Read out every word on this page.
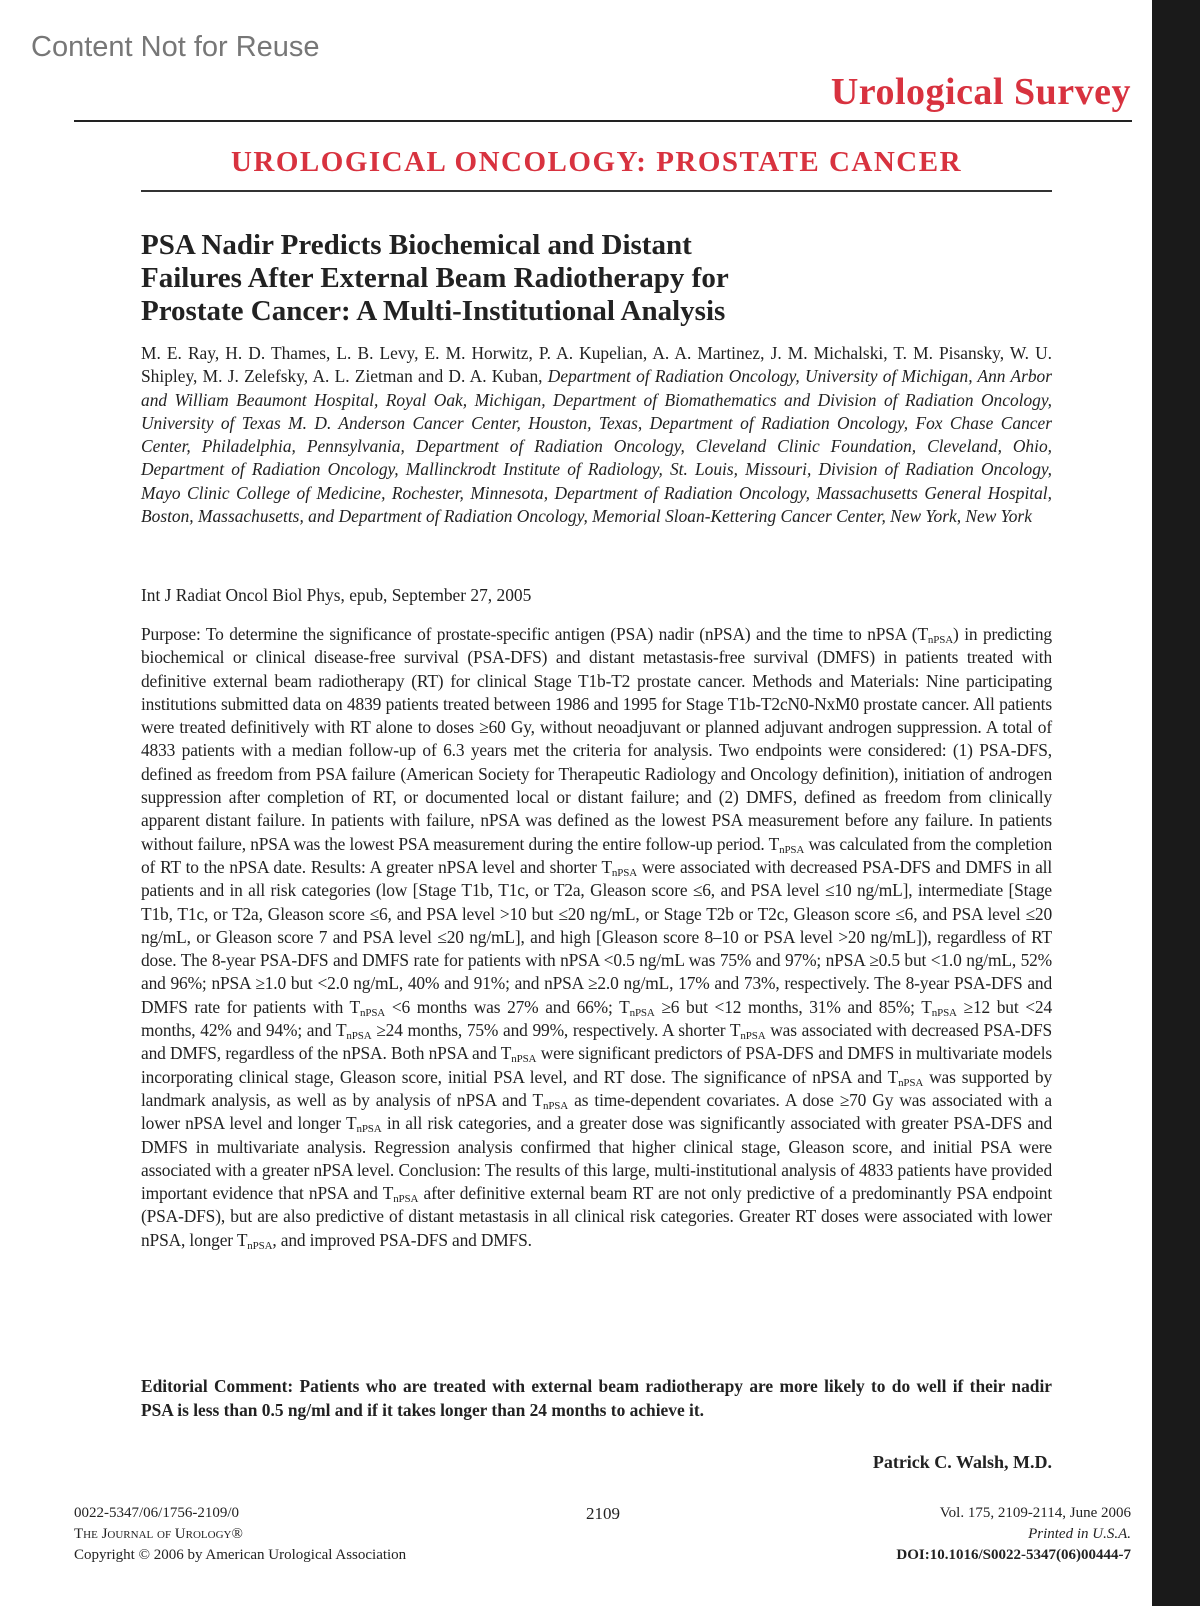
Content Not for Reuse
Urological Survey
UROLOGICAL ONCOLOGY: PROSTATE CANCER
PSA Nadir Predicts Biochemical and Distant
Failures After External Beam Radiotherapy for
Prostate Cancer: A Multi-Institutional Analysis
M. E. Ray, H. D. Thames, L. B. Levy, E. M. Horwitz, P. A. Kupelian, A. A. Martinez, J. M. Michalski, T. M. Pisansky, W. U. Shipley, M. J. Zelefsky, A. L. Zietman and D. A. Kuban, Department of Radiation Oncology, University of Michigan, Ann Arbor and William Beaumont Hospital, Royal Oak, Michigan, Department of Biomathematics and Division of Radiation Oncology, University of Texas M. D. Anderson Cancer Center, Houston, Texas, Department of Radiation Oncology, Fox Chase Cancer Center, Philadelphia, Pennsylvania, Department of Radiation Oncology, Cleveland Clinic Foundation, Cleveland, Ohio, Department of Radiation Oncology, Mallinckrodt Institute of Radiology, St. Louis, Missouri, Division of Radiation Oncology, Mayo Clinic College of Medicine, Rochester, Minnesota, Department of Radiation Oncology, Massachusetts General Hospital, Boston, Massachusetts, and Department of Radiation Oncology, Memorial Sloan-Kettering Cancer Center, New York, New York
Int J Radiat Oncol Biol Phys, epub, September 27, 2005
Purpose: To determine the significance of prostate-specific antigen (PSA) nadir (nPSA) and the time to nPSA $(T_{nPSA})$ in predicting biochemical or clinical disease-free survival (PSA-DFS) and distant metastasis-free survival (DMFS) in patients treated with definitive external beam radiotherapy (RT) for clinical Stage T1b-T2 prostate cancer. Methods and Materials: Nine participating institutions submitted data on 4839 patients treated between 1986 and 1995 for Stage T1b-T2cN0-NxM0 prostate cancer. All patients were treated definitively with RT alone to doses ≥60 Gy, without neoadjuvant or planned adjuvant androgen suppression. A total of 4833 patients with a median follow-up of 6.3 years met the criteria for analysis. Two endpoints were considered: (1) PSA-DFS, defined as freedom from PSA failure (American Society for Therapeutic Radiology and Oncology definition), initiation of androgen suppression after completion of RT, or documented local or distant failure; and (2) DMFS, defined as freedom from clinically apparent distant failure. In patients with failure, nPSA was defined as the lowest PSA measurement before any failure. In patients without failure, nPSA was the lowest PSA measurement during the entire follow-up period. $T_{nPSA}$ was calculated from the completion of RT to the nPSA date. Results: A greater nPSA level and shorter $T_{nPSA}$ were associated with decreased PSA-DFS and DMFS in all patients and in all risk categories (low [Stage T1b, T1c, or T2a, Gleason score ≤6, and PSA level ≤10 ng/mL], intermediate [Stage T1b, T1c, or T2a, Gleason score ≤6, and PSA level >10 but ≤20 ng/mL, or Stage T2b or T2c, Gleason score ≤6, and PSA level ≤20 ng/mL, or Gleason score 7 and PSA level ≤20 ng/mL], and high [Gleason score 8–10 or PSA level >20 ng/mL]), regardless of RT dose. The 8-year PSA-DFS and DMFS rate for patients with nPSA <0.5 ng/mL was 75% and 97%; nPSA ≥0.5 but <1.0 ng/mL, 52% and 96%; nPSA ≥1.0 but <2.0 ng/mL, 40% and 91%; and nPSA ≥2.0 ng/mL, 17% and 73%, respectively. The 8-year PSA-DFS and DMFS rate for patients with $T_{nPSA} <6$ months was 27% and 66%; $T_{nPSA} \ge 6$ but <12 months, 31% and 85%; $T_{nPSA} \ge 12$ but <24 months, 42% and 94%; and $T_{nPSA} \ge 24$ months, 75% and 99%, respectively. A shorter $T_{nPSA}$ was associated with decreased PSA-DFS and DMFS, regardless of the nPSA. Both nPSA and $T_{nPSA}$ were significant predictors of PSA-DFS and DMFS in multivariate models incorporating clinical stage, Gleason score, initial PSA level, and RT dose. The significance of nPSA and $T_{nPSA}$ was supported by landmark analysis, as well as by analysis of nPSA and $T_{nPSA}$ as time-dependent covariates. A dose ≥70 Gy was associated with a lower nPSA level and longer $T_{nPSA}$ in all risk categories, and a greater dose was significantly associated with greater PSA-DFS and DMFS in multivariate analysis. Regression analysis confirmed that higher clinical stage, Gleason score, and initial PSA were associated with a greater nPSA level. Conclusion: The results of this large, multi-institutional analysis of 4833 patients have provided important evidence that nPSA and $T_{nPSA}$ after definitive external beam RT are not only predictive of a predominantly PSA endpoint (PSA-DFS), but are also predictive of distant metastasis in all clinical risk categories. Greater RT doses were associated with lower nPSA, longer $T_{nPSA}$, and improved PSA-DFS and DMFS.
Editorial Comment: Patients who are treated with external beam radiotherapy are more likely to do well if their nadir PSA is less than 0.5 ng/ml and if it takes longer than 24 months to achieve it.
Patrick C. Walsh, M.D.
0022-5347/06/1756-2109/0
The Journal of Urology®
Copyright © 2006 by American Urological Association
2109	Vol. 175, 2109-2114, June 2006
Printed in U.S.A.
DOI:10.1016/S0022-5347(06)00444-7
